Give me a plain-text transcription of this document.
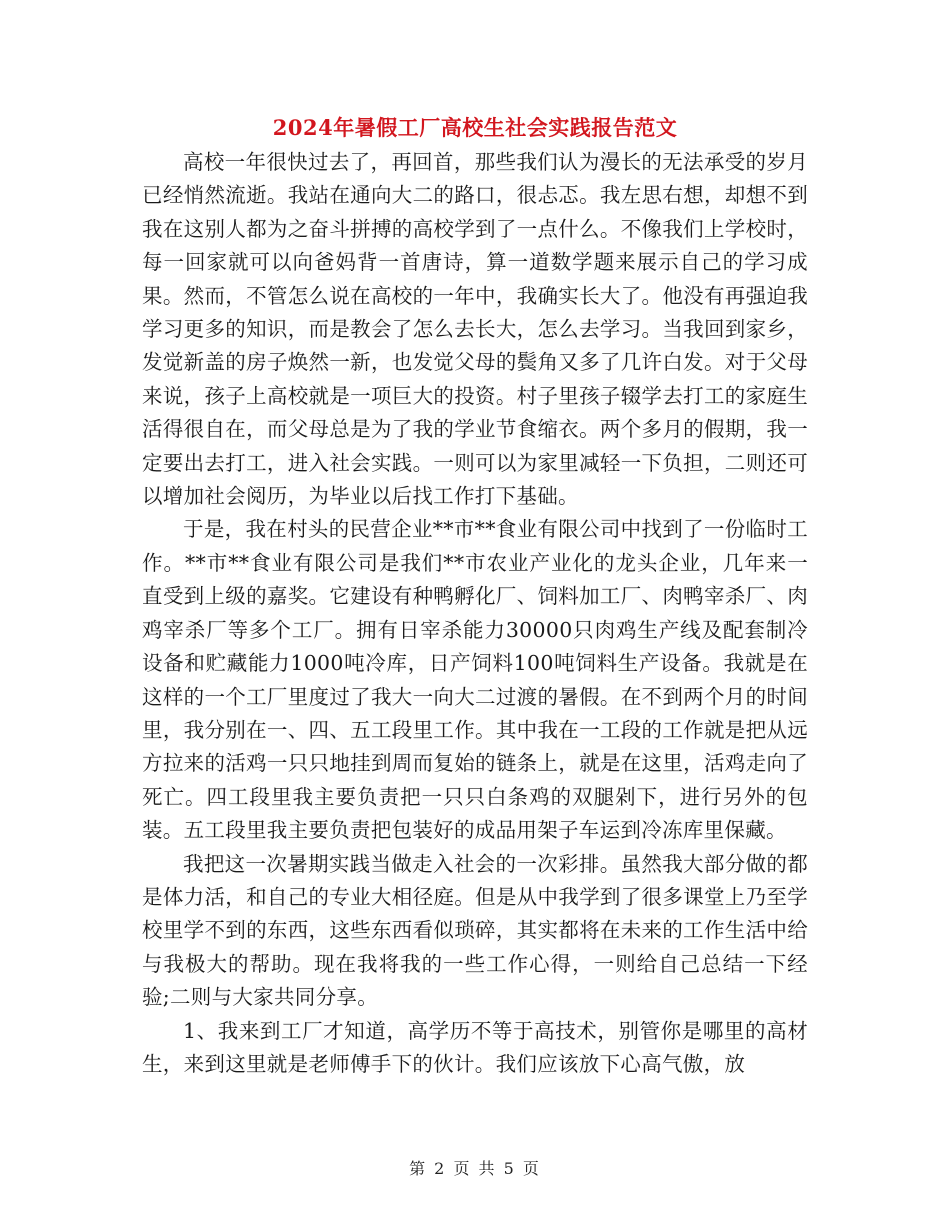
2024年暑假工厂高校生社会实践报告范文

高校一年很快过去了，再回首，那些我们认为漫长的无法承受的岁月已经悄然流逝。我站在通向大二的路口，很忐忑。我左思右想，却想不到我在这别人都为之奋斗拼搏的高校学到了一点什么。不像我们上学校时，每一回家就可以向爸妈背一首唐诗，算一道数学题来展示自己的学习成果。然而，不管怎么说在高校的一年中，我确实长大了。他没有再强迫我学习更多的知识，而是教会了怎么去长大，怎么去学习。当我回到家乡，发觉新盖的房子焕然一新，也发觉父母的鬓角又多了几许白发。对于父母来说，孩子上高校就是一项巨大的投资。村子里孩子辍学去打工的家庭生活得很自在，而父母总是为了我的学业节食缩衣。两个多月的假期，我一定要出去打工，进入社会实践。一则可以为家里减轻一下负担，二则还可以增加社会阅历，为毕业以后找工作打下基础。

于是，我在村头的民营企业**市**食业有限公司中找到了一份临时工作。**市**食业有限公司是我们**市农业产业化的龙头企业，几年来一直受到上级的嘉奖。它建设有种鸭孵化厂、饲料加工厂、肉鸭宰杀厂、肉鸡宰杀厂等多个工厂。拥有日宰杀能力30000只肉鸡生产线及配套制冷设备和贮藏能力1000吨冷库，日产饲料100吨饲料生产设备。我就是在这样的一个工厂里度过了我大一向大二过渡的暑假。在不到两个月的时间里，我分别在一、四、五工段里工作。其中我在一工段的工作就是把从远方拉来的活鸡一只只地挂到周而复始的链条上，就是在这里，活鸡走向了死亡。四工段里我主要负责把一只只白条鸡的双腿剁下，进行另外的包装。五工段里我主要负责把包装好的成品用架子车运到冷冻库里保藏。

我把这一次暑期实践当做走入社会的一次彩排。虽然我大部分做的都是体力活，和自己的专业大相径庭。但是从中我学到了很多课堂上乃至学校里学不到的东西，这些东西看似琐碎，其实都将在未来的工作生活中给与我极大的帮助。现在我将我的一些工作心得，一则给自己总结一下经验;二则与大家共同分享。

1、我来到工厂才知道，高学历不等于高技术，别管你是哪里的高材生，来到这里就是老师傅手下的伙计。我们应该放下心高气傲，放

第 2 页 共 5 页
